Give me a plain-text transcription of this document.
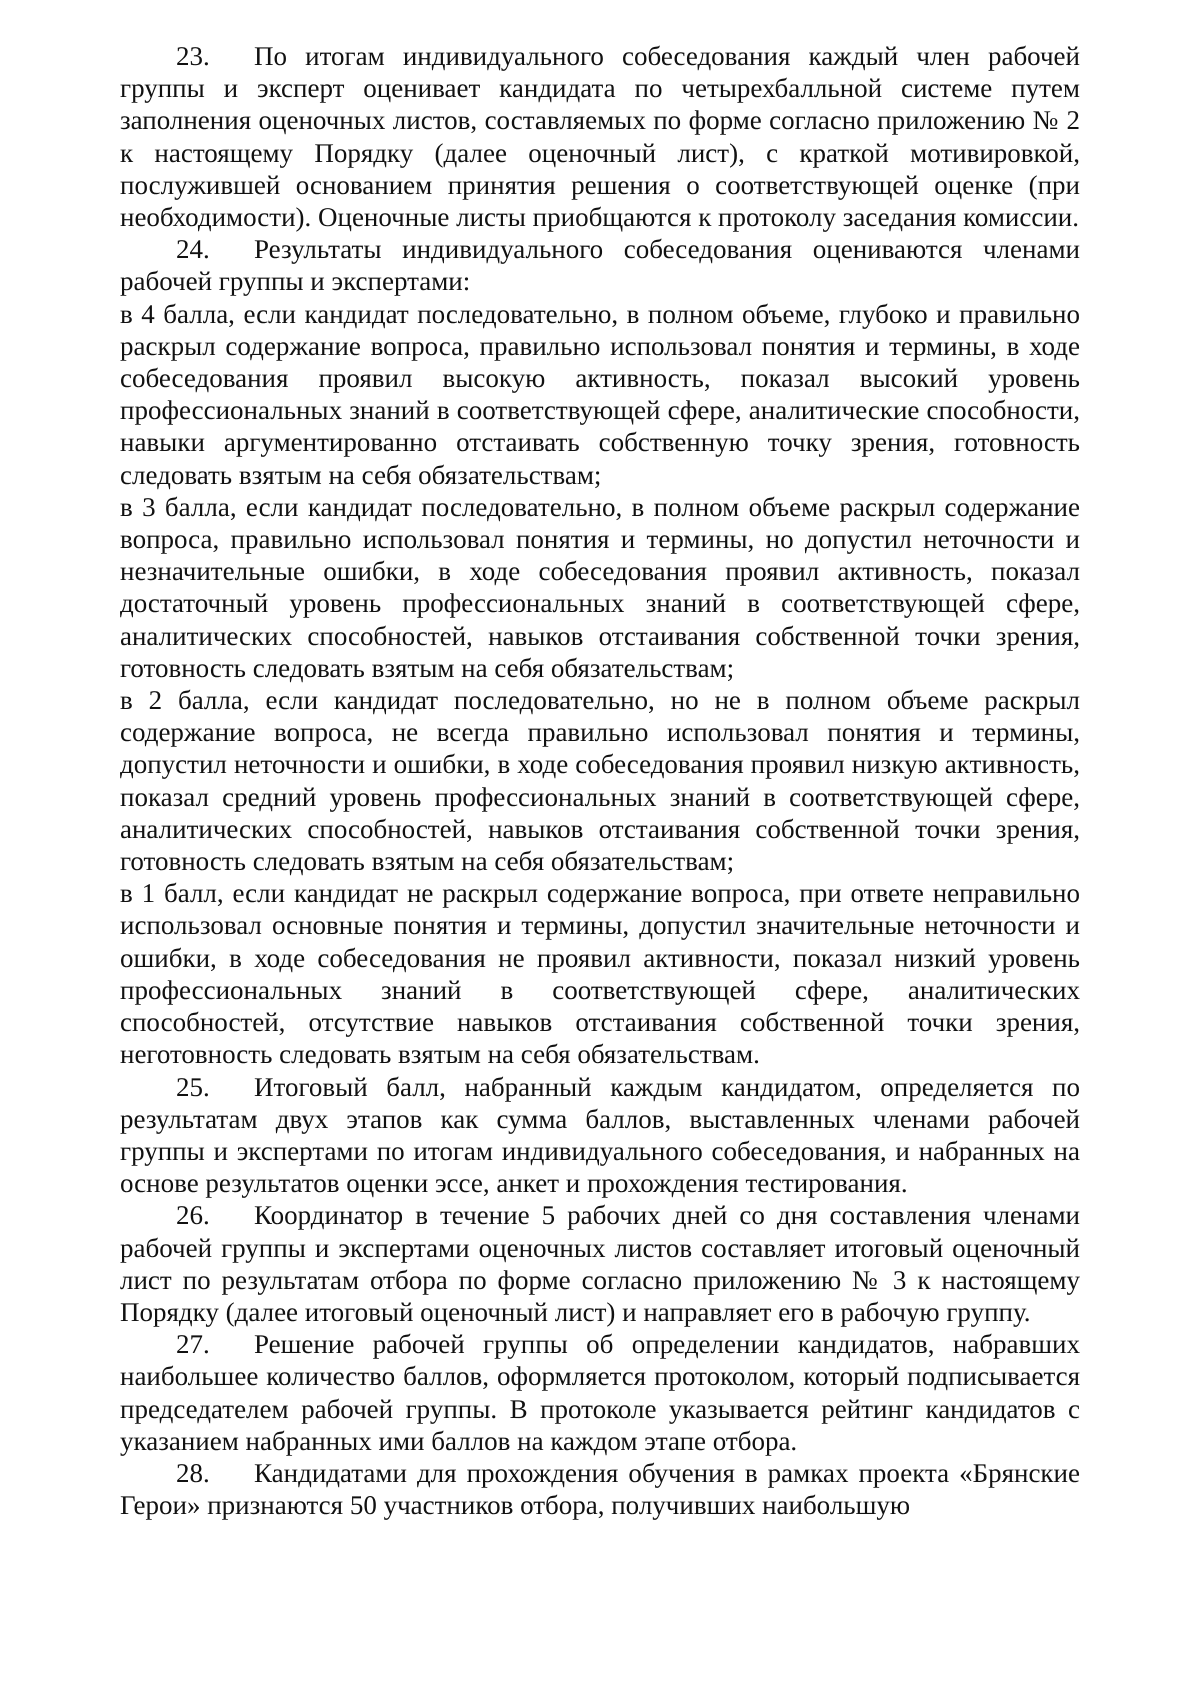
23. По итогам индивидуального собеседования каждый член рабочей группы и эксперт оценивает кандидата по четырехбалльной системе путем заполнения оценочных листов, составляемых по форме согласно приложению № 2 к настоящему Порядку (далее оценочный лист), с краткой мотивировкой, послужившей основанием принятия решения о соответствующей оценке (при необходимости). Оценочные листы приобщаются к протоколу заседания комиссии.

24. Результаты индивидуального собеседования оцениваются членами рабочей группы и экспертами:

в 4 балла, если кандидат последовательно, в полном объеме, глубоко и правильно раскрыл содержание вопроса, правильно использовал понятия и термины, в ходе собеседования проявил высокую активность, показал высокий уровень профессиональных знаний в соответствующей сфере, аналитические способности, навыки аргументированно отстаивать собственную точку зрения, готовность следовать взятым на себя обязательствам;

в 3 балла, если кандидат последовательно, в полном объеме раскрыл содержание вопроса, правильно использовал понятия и термины, но допустил неточности и незначительные ошибки, в ходе собеседования проявил активность, показал достаточный уровень профессиональных знаний в соответствующей сфере, аналитических способностей, навыков отстаивания собственной точки зрения, готовность следовать взятым на себя обязательствам;

в 2 балла, если кандидат последовательно, но не в полном объеме раскрыл содержание вопроса, не всегда правильно использовал понятия и термины, допустил неточности и ошибки, в ходе собеседования проявил низкую активность, показал средний уровень профессиональных знаний в соответствующей сфере, аналитических способностей, навыков отстаивания собственной точки зрения, готовность следовать взятым на себя обязательствам;

в 1 балл, если кандидат не раскрыл содержание вопроса, при ответе неправильно использовал основные понятия и термины, допустил значительные неточности и ошибки, в ходе собеседования не проявил активности, показал низкий уровень профессиональных знаний в соответствующей сфере, аналитических способностей, отсутствие навыков отстаивания собственной точки зрения, неготовность следовать взятым на себя обязательствам.

25. Итоговый балл, набранный каждым кандидатом, определяется по результатам двух этапов как сумма баллов, выставленных членами рабочей группы и экспертами по итогам индивидуального собеседования, и набранных на основе результатов оценки эссе, анкет и прохождения тестирования.

26. Координатор в течение 5 рабочих дней со дня составления членами рабочей группы и экспертами оценочных листов составляет итоговый оценочный лист по результатам отбора по форме согласно приложению № 3 к настоящему Порядку (далее итоговый оценочный лист) и направляет его в рабочую группу.

27. Решение рабочей группы об определении кандидатов, набравших наибольшее количество баллов, оформляется протоколом, который подписывается председателем рабочей группы. В протоколе указывается рейтинг кандидатов с указанием набранных ими баллов на каждом этапе отбора.

28. Кандидатами для прохождения обучения в рамках проекта «Брянские Герои» признаются 50 участников отбора, получивших наибольшую
